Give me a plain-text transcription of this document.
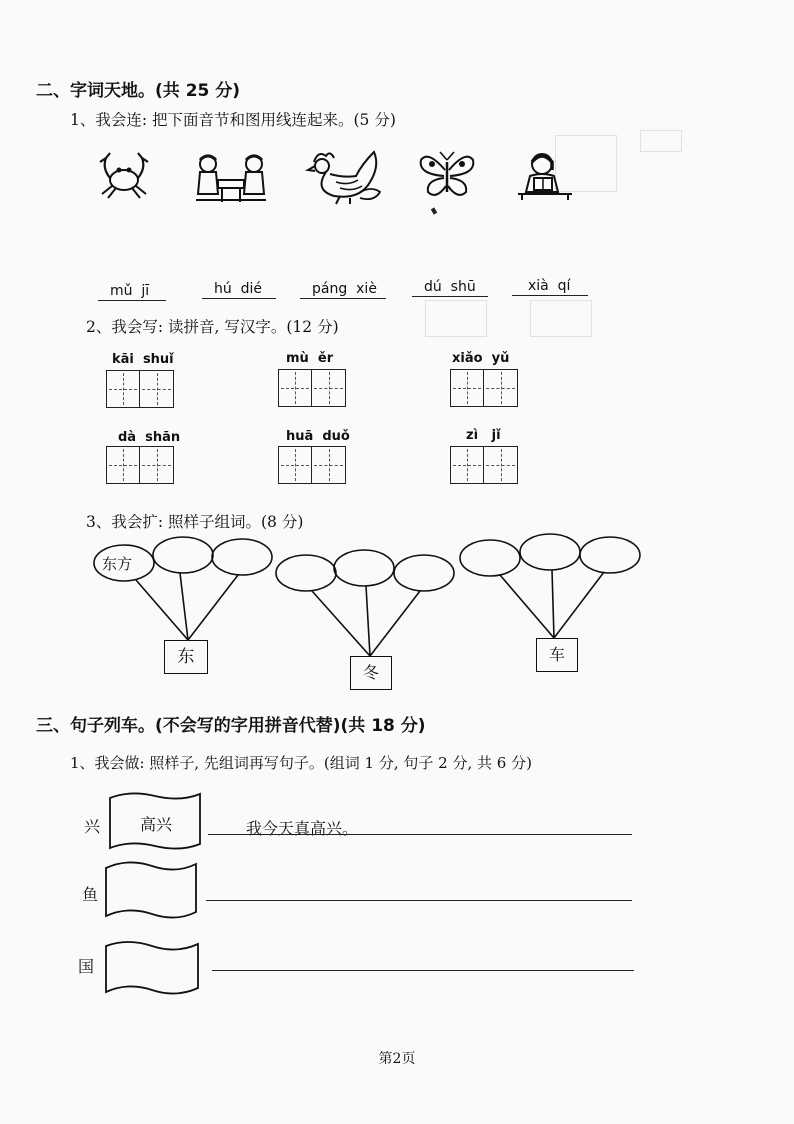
二、字词天地。(共 25 分)
1、我会连: 把下面音节和图用线连起来。(5 分)
mǔ jī	hú dié	páng xiè	dú shū	xià qí
2、我会写: 读拼音, 写汉字。(12 分)
kāi shuǐ	mù ěr	xiǎo yǔ
dà shān	huā duǒ	zì jǐ
3、我会扩: 照样子组词。(8 分)
东方
东
冬
车
三、句子列车。(不会写的字用拼音代替)(共 18 分)
1、我会做: 照样子, 先组词再写句子。(组词 1 分, 句子 2 分, 共 6 分)
兴 高兴	我今天真高兴。
鱼
国
第2页
